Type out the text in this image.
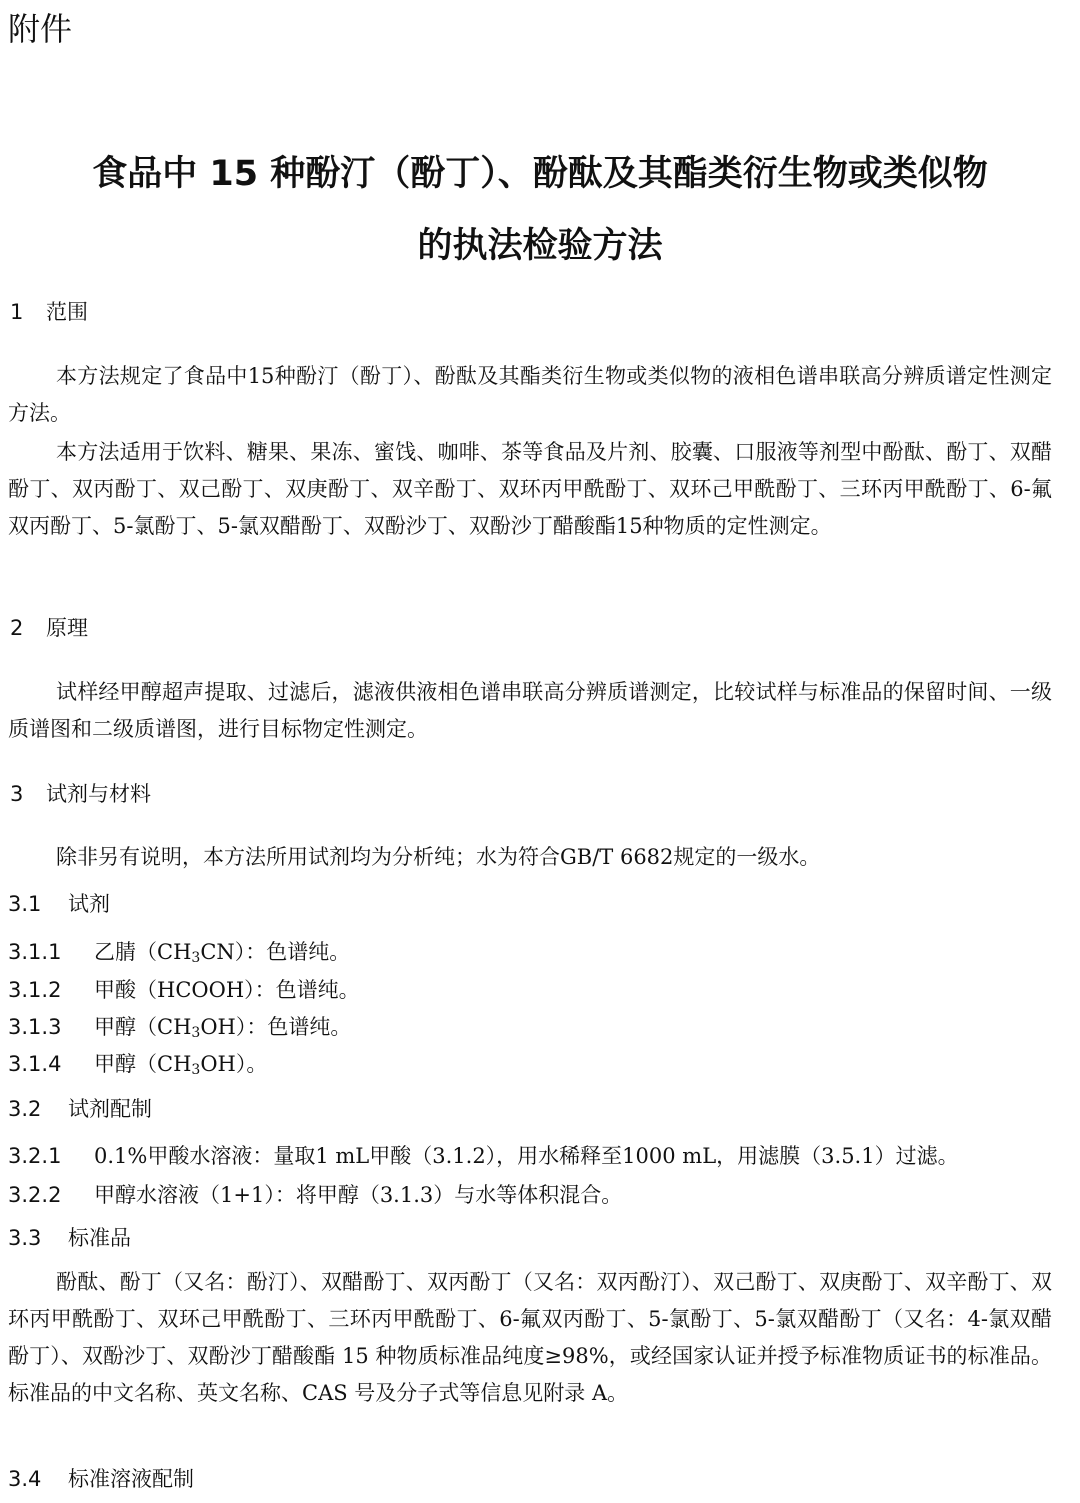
附件
食品中 15 种酚汀（酚丁）、酚酞及其酯类衍生物或类似物
的执法检验方法
1 范围
本方法规定了食品中15种酚汀（酚丁）、酚酞及其酯类衍生物或类似物的液相色谱串联高分辨质谱定性测定方法。
本方法适用于饮料、糖果、果冻、蜜饯、咖啡、茶等食品及片剂、胶囊、口服液等剂型中酚酞、酚丁、双醋酚丁、双丙酚丁、双己酚丁、双庚酚丁、双辛酚丁、双环丙甲酰酚丁、双环己甲酰酚丁、三环丙甲酰酚丁、6-氟双丙酚丁、5-氯酚丁、5-氯双醋酚丁、双酚沙丁、双酚沙丁醋酸酯15种物质的定性测定。
2 原理
试样经甲醇超声提取、过滤后，滤液供液相色谱串联高分辨质谱测定，比较试样与标准品的保留时间、一级质谱图和二级质谱图，进行目标物定性测定。
3 试剂与材料
除非另有说明，本方法所用试剂均为分析纯；水为符合GB/T 6682规定的一级水。
3.1 试剂
3.1.1 乙腈$(CH_3CN)$：色谱纯。
3.1.2 甲酸（HCOOH）：色谱纯。
3.1.3 甲醇$(CH_3OH)$：色谱纯。
3.1.4 甲醇$(CH_3OH)$。
3.2 试剂配制
3.2.1 0.1%甲酸水溶液：量取1 mL甲酸（3.1.2），用水稀释至1000 mL，用滤膜（3.5.1）过滤。
3.2.2 甲醇水溶液（1+1）：将甲醇（3.1.3）与水等体积混合。
3.3 标准品
酚酞、酚丁（又名：酚汀）、双醋酚丁、双丙酚丁（又名：双丙酚汀）、双己酚丁、双庚酚丁、双辛酚丁、双环丙甲酰酚丁、双环己甲酰酚丁、三环丙甲酰酚丁、6-氟双丙酚丁、5-氯酚丁、5-氯双醋酚丁（又名：4-氯双醋酚丁）、双酚沙丁、双酚沙丁醋酸酯 15 种物质标准品纯度≥98%，或经国家认证并授予标准物质证书的标准品。标准品的中文名称、英文名称、CAS 号及分子式等信息见附录 A。
3.4 标准溶液配制
